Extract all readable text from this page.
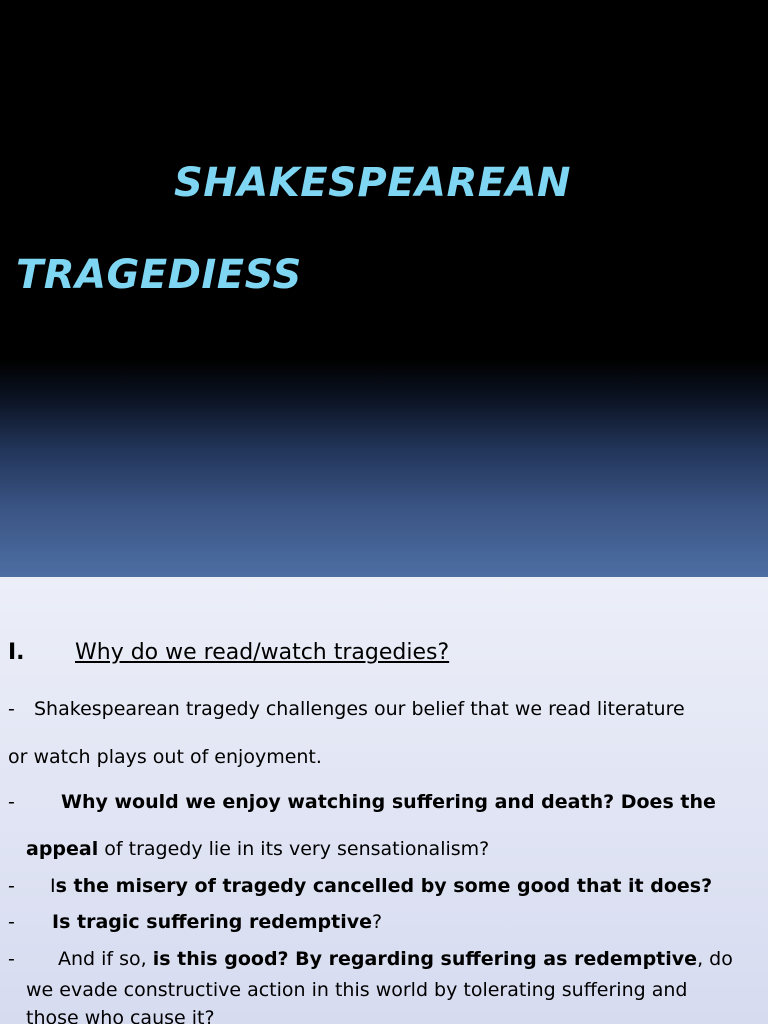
SHAKESPEAREAN
TRAGEDIESS
I. Why do we read/watch tragedies?
- Shakespearean tragedy challenges our belief that we read literature
or watch plays out of enjoyment.
- Why would we enjoy watching suffering and death? Does the
appeal of tragedy lie in its very sensationalism?
- Is the misery of tragedy cancelled by some good that it does?
- Is tragic suffering redemptive?
- And if so, is this good? By regarding suffering as redemptive, do
we evade constructive action in this world by tolerating suffering and
those who cause it?
